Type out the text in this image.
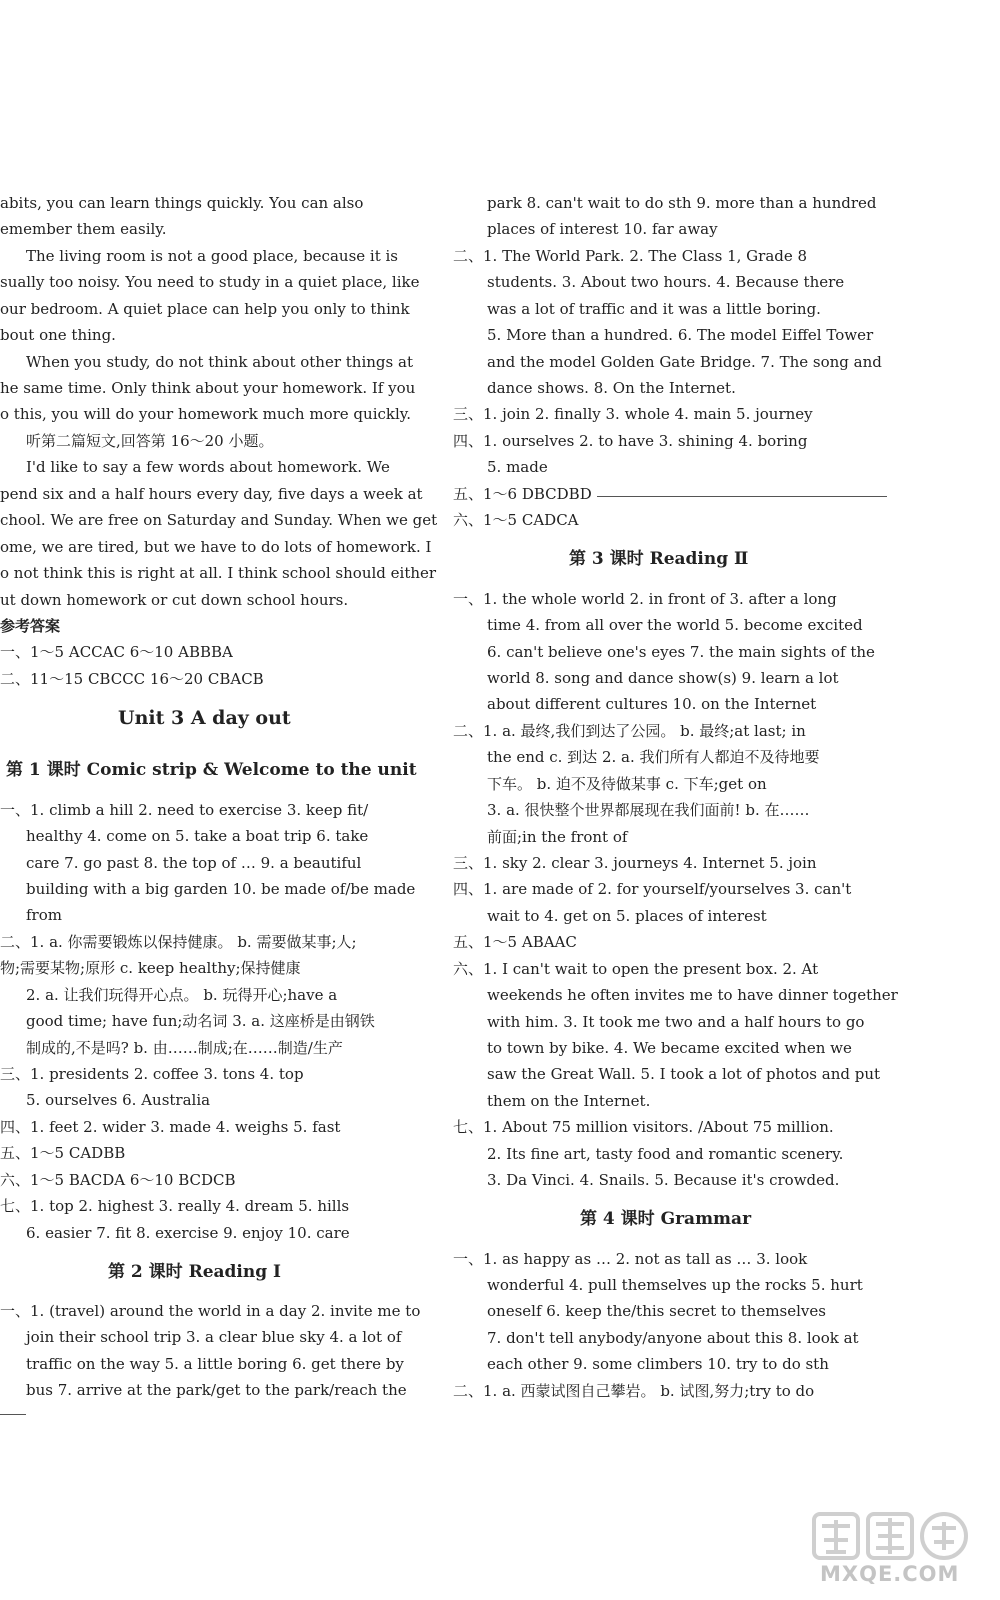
abits, you can learn things quickly. You can also
emember them easily.
The living room is not a good place, because it is
sually too noisy. You need to study in a quiet place, like
our bedroom. A quiet place can help you only to think
bout one thing.
When you study, do not think about other things at
he same time. Only think about your homework. If you
o this, you will do your homework much more quickly.
听第二篇短文,回答第 16～20 小题。
I'd like to say a few words about homework. We
pend six and a half hours every day, five days a week at
chool. We are free on Saturday and Sunday. When we get
ome, we are tired, but we have to do lots of homework. I
o not think this is right at all. I think school should either
ut down homework or cut down school hours.
参考答案
一、1～5 ACCAC 6～10 ABBBA
二、11～15 CBCCC 16～20 CBACB
Unit 3 A day out
第 1 课时 Comic strip & Welcome to the unit
一、1. climb a hill 2. need to exercise 3. keep fit/
healthy 4. come on 5. take a boat trip 6. take
care 7. go past 8. the top of … 9. a beautiful
building with a big garden 10. be made of/be made
from
二、1. a. 你需要锻炼以保持健康。 b. 需要做某事;人;
物;需要某物;原形 c. keep healthy;保持健康
2. a. 让我们玩得开心点。 b. 玩得开心;have a
good time; have fun;动名词 3. a. 这座桥是由钢铁
制成的,不是吗? b. 由……制成;在……制造/生产
三、1. presidents 2. coffee 3. tons 4. top
5. ourselves 6. Australia
四、1. feet 2. wider 3. made 4. weighs 5. fast
五、1～5 CADBB
六、1～5 BACDA 6～10 BCDCB
七、1. top 2. highest 3. really 4. dream 5. hills
6. easier 7. fit 8. exercise 9. enjoy 10. care
第 2 课时 Reading Ⅰ
一、1. (travel) around the world in a day 2. invite me to
join their school trip 3. a clear blue sky 4. a lot of
traffic on the way 5. a little boring 6. get there by
bus 7. arrive at the park/get to the park/reach the
park 8. can't wait to do sth 9. more than a hundred
places of interest 10. far away
二、1. The World Park. 2. The Class 1, Grade 8
students. 3. About two hours. 4. Because there
was a lot of traffic and it was a little boring.
5. More than a hundred. 6. The model Eiffel Tower
and the model Golden Gate Bridge. 7. The song and
dance shows. 8. On the Internet.
三、1. join 2. finally 3. whole 4. main 5. journey
四、1. ourselves 2. to have 3. shining 4. boring
5. made
五、1～6 DBCDBD
六、1～5 CADCA
第 3 课时 Reading Ⅱ
一、1. the whole world 2. in front of 3. after a long
time 4. from all over the world 5. become excited
6. can't believe one's eyes 7. the main sights of the
world 8. song and dance show(s) 9. learn a lot
about different cultures 10. on the Internet
二、1. a. 最终,我们到达了公园。 b. 最终;at last; in
the end c. 到达 2. a. 我们所有人都迫不及待地要
下车。 b. 迫不及待做某事 c. 下车;get on
3. a. 很快整个世界都展现在我们面前! b. 在……
前面;in the front of
三、1. sky 2. clear 3. journeys 4. Internet 5. join
四、1. are made of 2. for yourself/yourselves 3. can't
wait to 4. get on 5. places of interest
五、1～5 ABAAC
六、1. I can't wait to open the present box. 2. At
weekends he often invites me to have dinner together
with him. 3. It took me two and a half hours to go
to town by bike. 4. We became excited when we
saw the Great Wall. 5. I took a lot of photos and put
them on the Internet.
七、1. About 75 million visitors. /About 75 million.
2. Its fine art, tasty food and romantic scenery.
3. Da Vinci. 4. Snails. 5. Because it's crowded.
第 4 课时 Grammar
一、1. as happy as … 2. not as tall as … 3. look
wonderful 4. pull themselves up the rocks 5. hurt
oneself 6. keep the/this secret to themselves
7. don't tell anybody/anyone about this 8. look at
each other 9. some climbers 10. try to do sth
二、1. a. 西蒙试图自己攀岩。 b. 试图,努力;try to do
MXQE.COM
